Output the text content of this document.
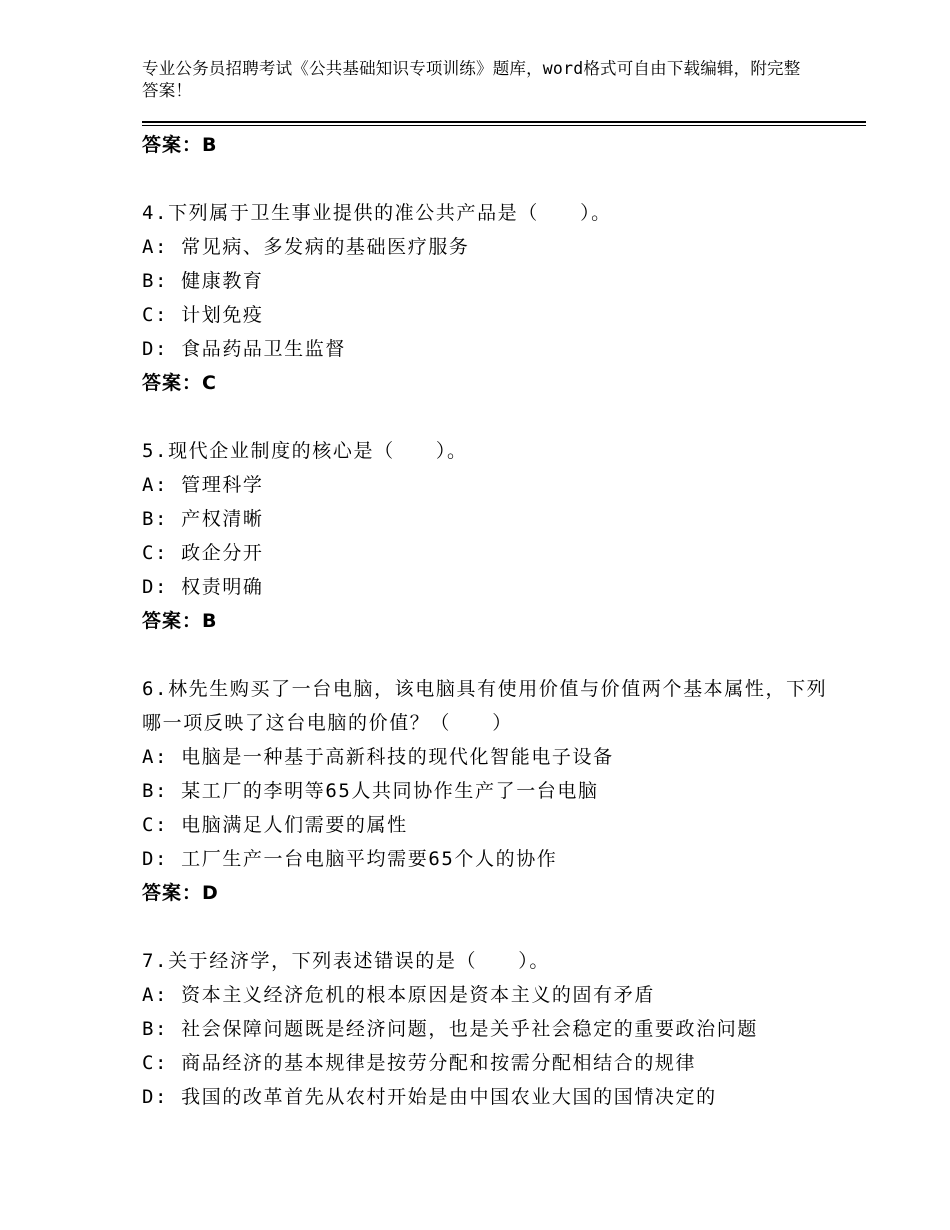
专业公务员招聘考试《公共基础知识专项训练》题库，word格式可自由下载编辑，附完整答案！
答案：B
4.下列属于卫生事业提供的准公共产品是（　　）。
A: 常见病、多发病的基础医疗服务
B: 健康教育
C: 计划免疫
D: 食品药品卫生监督
答案：C
5.现代企业制度的核心是（　　）。
A: 管理科学
B: 产权清晰
C: 政企分开
D: 权责明确
答案：B
6.林先生购买了一台电脑，该电脑具有使用价值与价值两个基本属性，下列哪一项反映了这台电脑的价值？（　　）
A: 电脑是一种基于高新科技的现代化智能电子设备
B: 某工厂的李明等65人共同协作生产了一台电脑
C: 电脑满足人们需要的属性
D: 工厂生产一台电脑平均需要65个人的协作
答案：D
7.关于经济学，下列表述错误的是（　　）。
A: 资本主义经济危机的根本原因是资本主义的固有矛盾
B: 社会保障问题既是经济问题，也是关乎社会稳定的重要政治问题
C: 商品经济的基本规律是按劳分配和按需分配相结合的规律
D: 我国的改革首先从农村开始是由中国农业大国的国情决定的
